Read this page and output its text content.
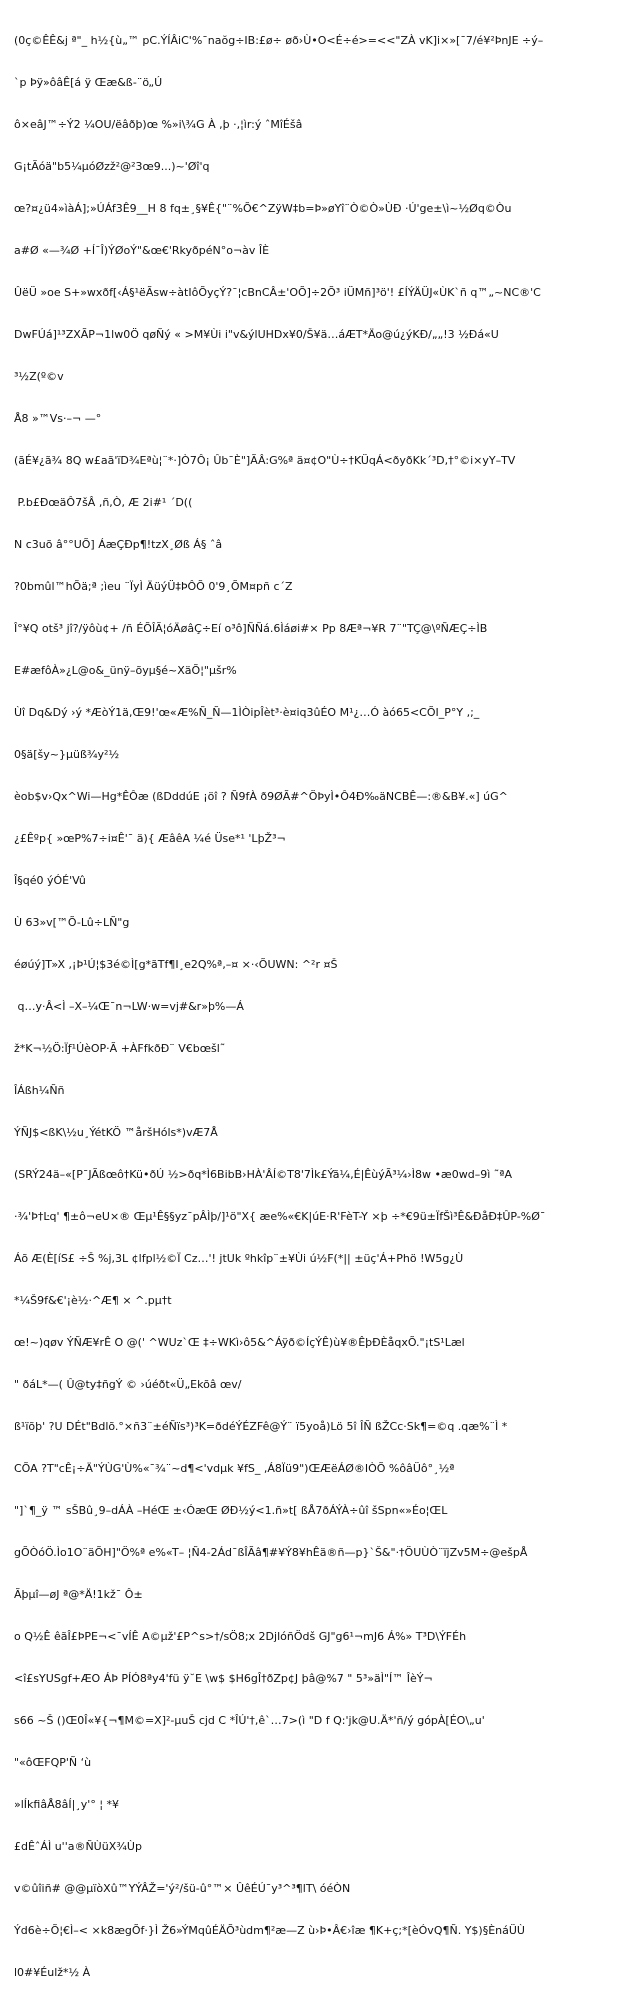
(0ç©ÊÊ&j ª"_ h½{ù„™ pC.ÝÍÂiC'%¯naŏg÷IB:£ø÷ øð›Ù•O<É÷é>=<<"ZÀ vK]i×»[¯7/é¥²ÞnJE ÷ý–

`p Þÿ»ôâÊ[á ÿ Œæ&ß-¨ö„Ú

ô×eâJ™÷Ý2 ¼OU/ëâðþ)œ %»i\¾G À ,þ ·,¦ìr:ý ˆMîÉšâ

G¡tÃóä"b5¼µóØzž²@²3œ9...)~'Øî'q

œ?¤¿ü4»ìàÁ];»ÚÁf3Ê9__H 8 fq±¸§¥Ê{"¨%Õ€^ZÿW‡b=Þ»øYî¨Ò©Ò»ÙÐ ·Ú'ge±\ì~½Øq©Òu

a#Ø «—¾Ø +Í¯Î)ÝØoÝ"&œ€'RkyðpéN°o¬àv ÎÈ

ÛëÜ »oe S+»wxðf[‹Á§¹ëÃsw÷àtIôÕyçÝ?¯¦cBnCÂ±'OÕ]÷2Õ³ iÜMñ]³ö'! £ÍÝÄÜJ«ÙK`ñ q™„~NC®'C

DwFÚá]¹³ZXÃP¬1lw0Ö qøÑý « >M¥Ùi i"v&ýlUHDx¥0/Š¥ä…áÆT*Äo@ú¿ýKÐ/„„!3 ½Ðá«U

³½Z(º©v

Å8 »™Vs·–¬ —°

(ãÉ¥¿ã¾ 8Q w£aã'ïD¾Eªù¦¨*·]Ò7Ô¡ Ûb¯È"]ÃÂ:G%ª ä¤¢O"Ù÷†KÜqÁ<ðyðKk´³D,†°©i×yY–TV

P.b£ÐœäÔ7šÂ ,ñ,Ò, Æ 2i#¹ ´D((

N c3uõ â°°UÕ] ÁæÇÐp¶!tzX¸Øß Á§ ˆâ

?0bmûl™hÕä;ª ;ìeu ¨ÏyÌ ÄüýÜ‡ÞÔÕ 0'9¸ÕM¤pñ c´Z

Î°¥Q otš³ jî?/ÿôù¢+ /ñ ÉÕÎÃ¦óÄøâÇ÷Eí o³ô]ÑÑá.6Ìáøi#× Pp 8Æª¬¥R 7¨"TÇ@\ºÑÆÇ÷ÌB

E#æfôÀ»¿L@o&_ünÿ–õyµ§é~XäÕ¦"µšr%

Ùî Dq&Dý ›ý *ÆòÝ1ä‚Œ9!'œ«Æ%Ñ_Ñ—1ÌÒipÎèt³·è¤iq3ûÉO M¹¿…Ó àó65<CÕI_P°Y ,;_

0§ä[šy~}µüß¾y²½

èob$v›Qx^Wi—Hg*ÊÔæ (ßDddúE ¡öî ? Ñ9fÀ ð9ØÃ#^ÖÞyÌ•Ô4Ð‰äNCBÊ—:®&B¥.«] úG^

¿£Êºp{ »œP%7÷i¤Ê'¯ ä){ ÆâêA ¼é Üse*¹ 'LþŽ³¬

Î§qé0 ýÓÉ'Vû

Ù 63»v[™Õ-Lû÷LÑ"g

éøúý]T»X ,¡Þ¹Ú¦$3é©Ì[g*ãTf¶I¸e2Q%ª‚–¤ ×·‹ÕUWN: ^²r ¤Š

q…y·Â<Ì –X–¼Œ¯n¬LW·w=vj#&r»þ%—Á

ž*K¬½Ö:Ïƒ¹ÚèOP·Ã +ÀFfkðÐ¨ V€bœšl˜

ÎÁßh¼Ññ

ÝÑJ$<ßK\½u¸ÝétKÖ ™åršHóls*)vÆ7Å

(SRÝ24ä–«[P¯JÃßœô†Kü•ðÚ ½>ðq*Ì6BibB›HÀ'ÂÍ©T8'7Ìk£Ýã¼‚É|ÊùýÃ³¼›Ì8w •æ0wd–9ì ˜ªA

·¾'Þ†Ŀq' ¶±ô¬eU×® Œµ¹Ê§§yz¯pÂÌþ/]¹ö"X{ æe%«€K|úE·R'FèT-Y ×þ ÷*€9ü±ÏfŠì³Ê&ÐåÐ‡ÛP-%Ø¯

Áõ Æ(È[íS£ ÷Š %j,3L ¢lfpl½©Ï Cz…'! jtUk ºhkîp¨±¥Ùi ú½F(*|| ±üç'Á+Phö !W5g¿Ù

*¼Š9f&€'¡è½·^Æ¶ × ^.pµ†t

œ!~)qøv ÝÑÆ¥rÊ O @(' ^WUz`Œ ‡÷WKì›ô5&^Áÿð©ÍçÝÊ)ù¥®ÊþÐÈåqxÕ."¡tS¹Læl

" ðáL*—( Û@ty‡ñgÝ © ›úéðt«Ü„Ekõâ œv/

ß¹ïõþ' ?U DÉt"Bdlõ.°×ñ3¨±éÑïs³)³K=ðdéÝÉZFê@Ý¨ ï5yoå)Lö 5î ÎÑ ßŽCc·Sk¶=©q .qæ%¨Ì *

CÕA ?T"cÊ¡÷Ä"ÝÙG'Ù%«¯¾¨~d¶<'vdµk ¥fS_ ,Á8Ïü9")ŒÆëÁØ®IÒÕ %ôâÜô°¸½ª

"]`¶_ÿ ™ sŠBû¸9–dÁÀ –HéŒ ±‹ÓæŒ ØÐ½ý<1.ñ»t[ ßÅ7ðÁÝÀ÷ûî šSpn«»Éo¦ŒL

gÕÒóÖ.Ìo1O¨äÕH]"Ö%ª e%«T– ¦Ñ4-2Ád¯ßÎÃâ¶#¥Ý8¥hÊä®ñ—p}`Š&"·†ÖUÙÒ¨ïjZv5M÷@ešpÅ

Ãþµî—øJ ª@*Ä!1kž¯ Ô±

o Q½Ê êãÎ£ÞPE¬<¯vÍÊ A©µž'£P^s>†/sÖ8;x 2DjlóñÖdš GJ"g6¹¬mJ6 Á%» T³D\ÝFÉh

<î£sYUSgf+ÆO ÁÞ PÍÓ8ªy4'fü ÿ˘E \w$ $H6gÎ†ðZp¢J þâ@%7 " 5³»äÌ"Í™ ÎèÝ¬

s66 ~Š ()Œ0Î«¥{¬¶M©=X]²-µuŠ cjd C *ÎÚ'†,ê`…7>(ì "D f Q:'jk@U.Ä*'ñ/ý gópÀ[ÉO\„u'

"«ôŒFQP'Ñ ‘ù

»lÍkfiâÅ8âÍ|¸y'° ¦ *¥

£dÊˆÁÌ u''a®ÑÙüX¾Ùp

v©ûîiñ# @@µïòXû™YÝÂŽ='ý²/šü-û°™× ÛêÉÚ¯y³^³¶lT\ óéÒN

Ýd6è÷Õ¦€Ì–< ×k8ægÕf·}Ì Ž6»ÝMqûÉÄÕ³ùdm¶²æ—Z ù›Þ•Â€›îæ ¶K+ç;*[èÓvQ¶Ñ. Y$)§ÈnáÜÙ

l0#¥Éulž*½ À
